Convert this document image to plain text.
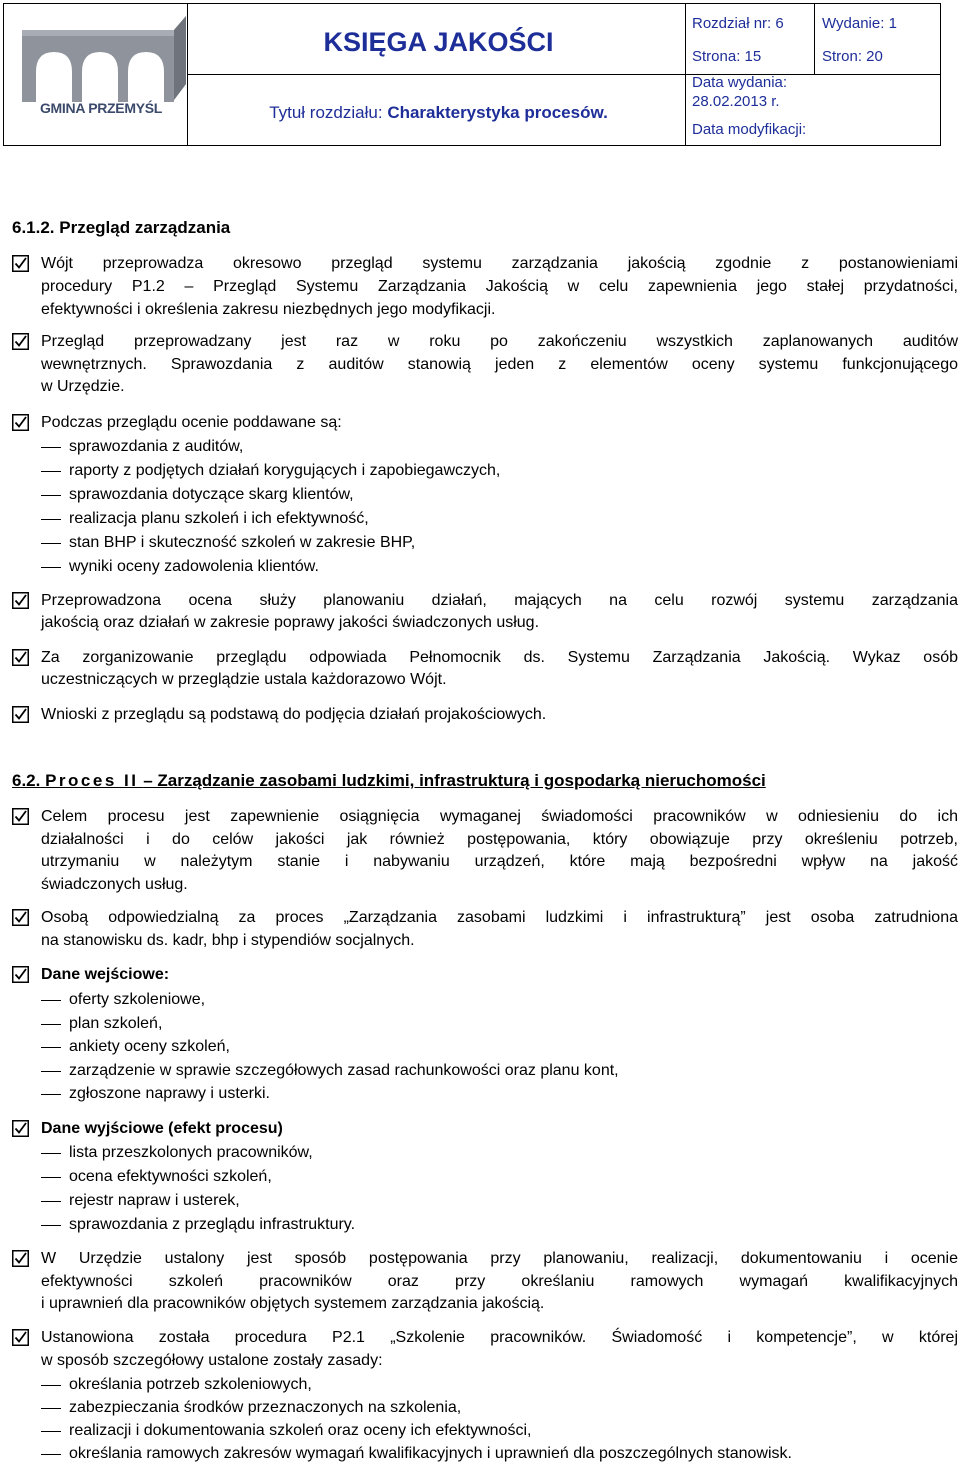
GMINA PRZEMYŚL
KSIĘGA JAKOŚCI
Tytuł rozdziału:
Charakterystyka procesów.
Rozdział nr: 6	Wydanie: 1
Strona: 15	Stron: 20
Data wydania:
28.02.2013 r.
Data modyfikacji:
6.1.2. Przegląd zarządzania
Wójt przeprowadza okresowo przegląd systemu zarządzania jakością zgodnie z postanowieniami
procedury P1.2 – Przegląd Systemu Zarządzania Jakością w celu zapewnienia jego stałej przydatności,
efektywności i określenia zakresu niezbędnych jego modyfikacji.
Przegląd przeprowadzany jest raz w roku po zakończeniu wszystkich zaplanowanych auditów
wewnętrznych. Sprawozdania z auditów stanowią jeden z elementów oceny systemu funkcjonującego
w Urzędzie.
Podczas przeglądu ocenie poddawane są:
sprawozdania z auditów,
raporty z podjętych działań korygujących i zapobiegawczych,
sprawozdania dotyczące skarg klientów,
realizacja planu szkoleń i ich efektywność,
stan BHP i skuteczność szkoleń w zakresie BHP,
wyniki oceny zadowolenia klientów.
Przeprowadzona ocena służy planowaniu działań, mających na celu rozwój systemu zarządzania
jakością oraz działań w zakresie poprawy jakości świadczonych usług.
Za zorganizowanie przeglądu odpowiada Pełnomocnik ds. Systemu Zarządzania Jakością. Wykaz osób
uczestniczących w przeglądzie ustala każdorazowo Wójt.
Wnioski z przeglądu są podstawą do podjęcia działań projakościowych.
6.2. Proces II – Zarządzanie zasobami ludzkimi, infrastrukturą i gospodarką nieruchomości
Celem procesu jest zapewnienie osiągnięcia wymaganej świadomości pracowników w odniesieniu do ich
działalności i do celów jakości jak również postępowania, który obowiązuje przy określeniu potrzeb,
utrzymaniu w należytym stanie i nabywaniu urządzeń, które mają bezpośredni wpływ na jakość
świadczonych usług.
Osobą odpowiedzialną za proces „Zarządzania zasobami ludzkimi i infrastrukturą” jest osoba zatrudniona
na stanowisku ds. kadr, bhp i stypendiów socjalnych.
Dane wejściowe:
oferty szkoleniowe,
plan szkoleń,
ankiety oceny szkoleń,
zarządzenie w sprawie szczegółowych zasad rachunkowości oraz planu kont,
zgłoszone naprawy i usterki.
Dane wyjściowe (efekt procesu)
lista przeszkolonych pracowników,
ocena efektywności szkoleń,
rejestr napraw i usterek,
sprawozdania z przeglądu infrastruktury.
W Urzędzie ustalony jest sposób postępowania przy planowaniu, realizacji, dokumentowaniu i ocenie
efektywności szkoleń pracowników oraz przy określaniu ramowych wymagań kwalifikacyjnych
i uprawnień dla pracowników objętych systemem zarządzania jakością.
Ustanowiona została procedura P2.1 „Szkolenie pracowników. Świadomość i kompetencje”, w której
w sposób szczegółowy ustalone zostały zasady:
określania potrzeb szkoleniowych,
zabezpieczania środków przeznaczonych na szkolenia,
realizacji i dokumentowania szkoleń oraz oceny ich efektywności,
określania ramowych zakresów wymagań kwalifikacyjnych i uprawnień dla poszczególnych stanowisk.
